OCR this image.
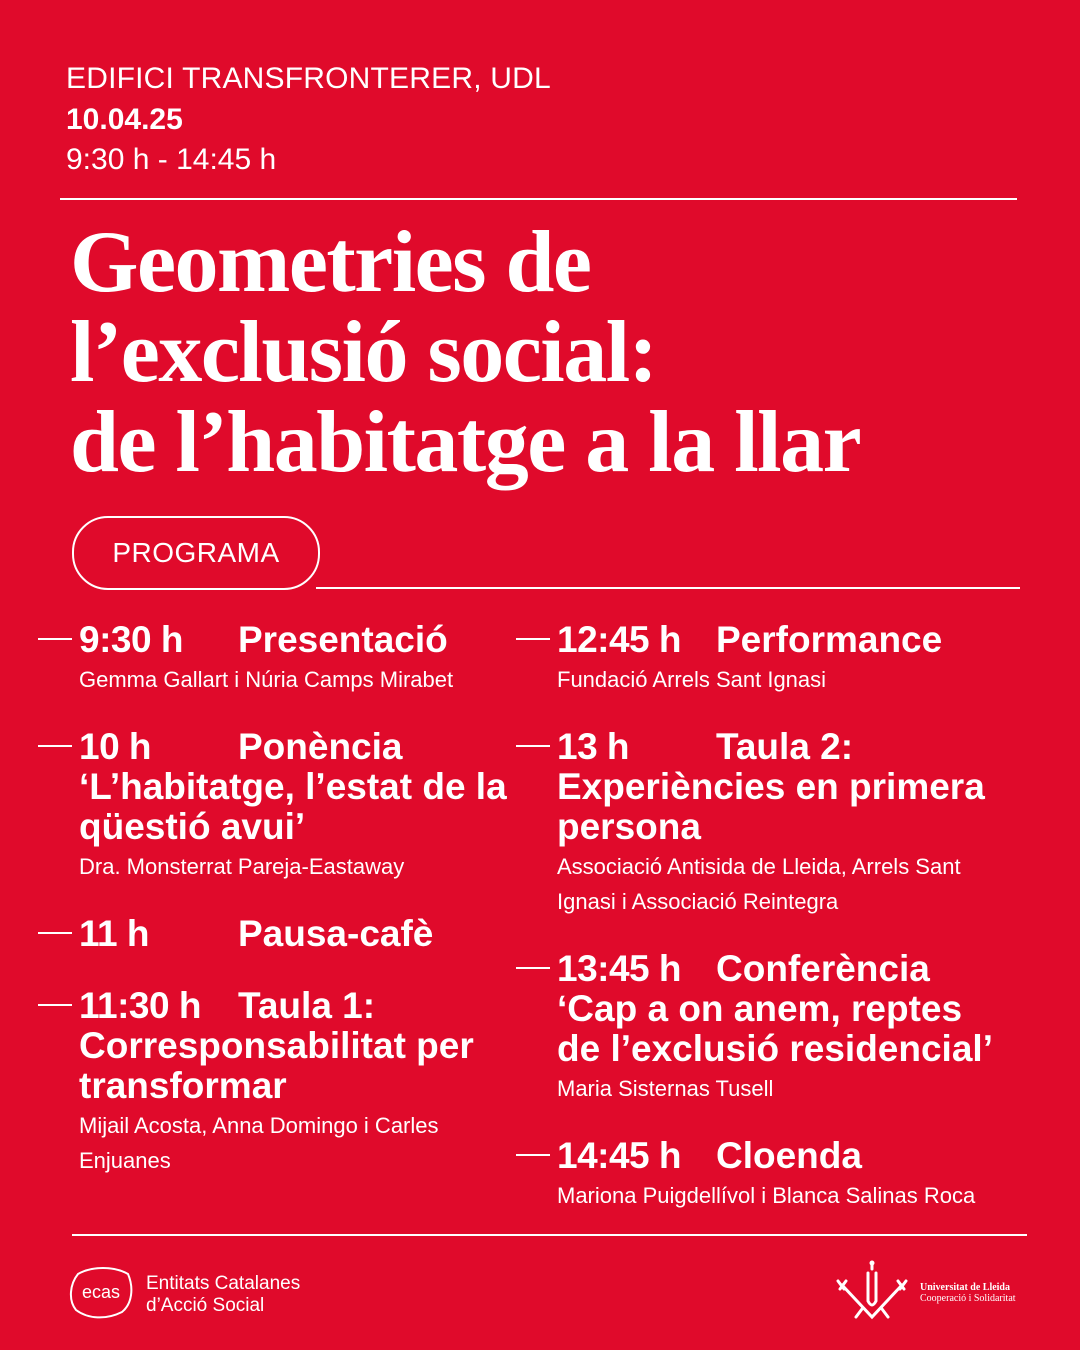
EDIFICI TRANSFRONTERER, UDL
10.04.25
9:30 h - 14:45 h
Geometries de
l’exclusió social:
de l’habitatge a la llar
PROGRAMA
9:30 h Presentació
Gemma Gallart i Núria Camps Mirabet
10 h Ponència
‘L’habitatge, l’estat de la
qüestió avui’
Dra. Monsterrat Pareja-Eastaway
11 h Pausa-cafè
11:30 h Taula 1:
Corresponsabilitat per
transformar
Mijail Acosta, Anna Domingo i Carles
Enjuanes
12:45 h Performance
Fundació Arrels Sant Ignasi
13 h Taula 2:
Experiències en primera
persona
Associació Antisida de Lleida, Arrels Sant
Ignasi i Associació Reintegra
13:45 h Conferència
‘Cap a on anem, reptes
de l’exclusió residencial’
Maria Sisternas Tusell
14:45 h Cloenda
Mariona Puigdellívol i Blanca Salinas Roca
ecas Entitats Catalanes
d’Acció Social
Universitat de Lleida
Cooperació i Solidaritat
